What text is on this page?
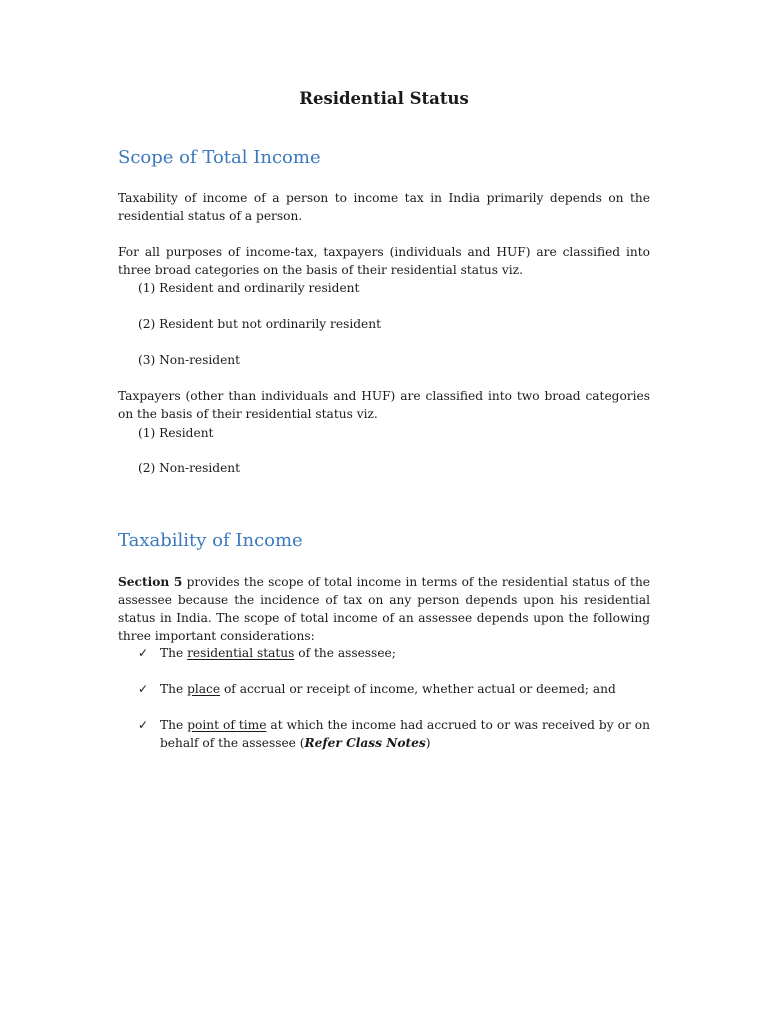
Residential Status
Scope of Total Income

Taxability of income of a person to income tax in India primarily depends on the residential status of a person.

For all purposes of income-tax, taxpayers (individuals and HUF) are classified into three broad categories on the basis of their residential status viz.

(1) Resident and ordinarily resident
(2) Resident but not ordinarily resident
(3) Non-resident

Taxpayers (other than individuals and HUF) are classified into two broad categories on the basis of their residential status viz.

(1) Resident
(2) Non-resident
Taxability of Income

Section 5 provides the scope of total income in terms of the residential status of the assessee because the incidence of tax on any person depends upon his residential status in India. The scope of total income of an assessee depends upon the following three important considerations:

✓ The residential status of the assessee;
✓ The place of accrual or receipt of income, whether actual or deemed; and
✓ The point of time at which the income had accrued to or was received by or on behalf of the assessee (Refer Class Notes)
